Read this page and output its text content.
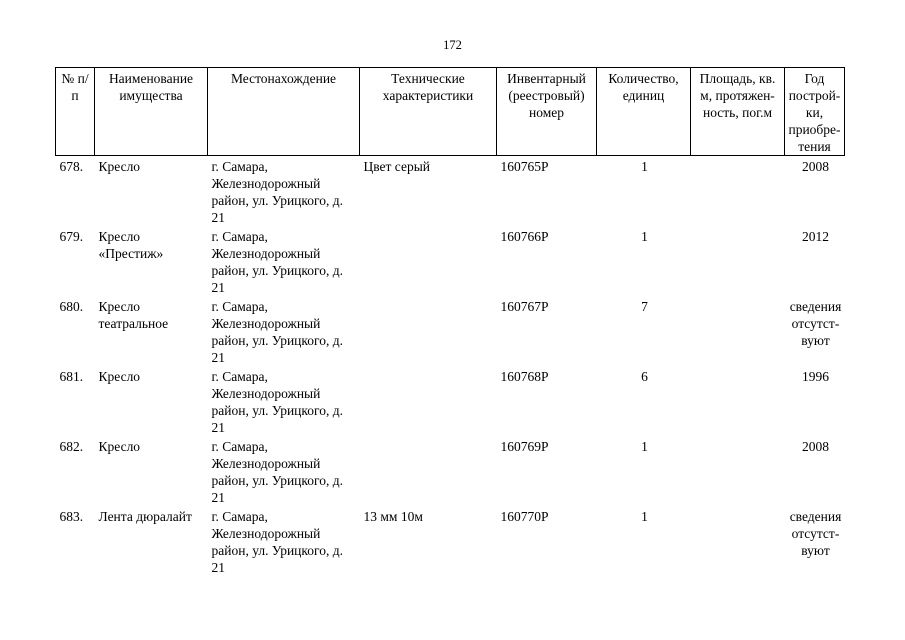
172
№ п/п	Наименование имущества	Местонахождение	Технические характеристики	Инвентарный (реестровый) номер	Количество, единиц	Площадь, кв. м, протяжен-ность, пог.м	Год построй-ки, приобре-тения
678.	Кресло	г. Самара, Железнодорожный район, ул. Урицкого, д. 21	Цвет серый	160765Р	1		2008
679.	Кресло «Престиж»	г. Самара, Железнодорожный район, ул. Урицкого, д. 21		160766Р	1		2012
680.	Кресло театральное	г. Самара, Железнодорожный район, ул. Урицкого, д. 21		160767Р	7		сведения отсутст-вуют
681.	Кресло	г. Самара, Железнодорожный район, ул. Урицкого, д. 21		160768Р	6		1996
682.	Кресло	г. Самара, Железнодорожный район, ул. Урицкого, д. 21		160769Р	1		2008
683.	Лента дюралайт	г. Самара, Железнодорожный район, ул. Урицкого, д. 21	13 мм 10м	160770Р	1		сведения отсутст-вуют
